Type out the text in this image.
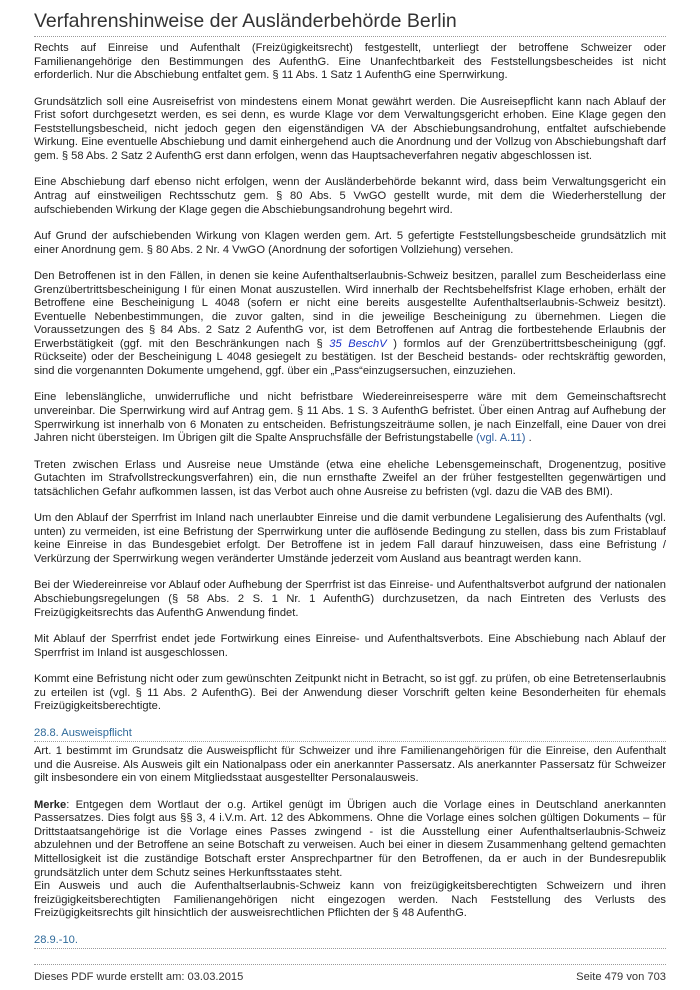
Verfahrenshinweise der Ausländerbehörde Berlin

Rechts auf Einreise und Aufenthalt (Freizügigkeitsrecht) festgestellt, unterliegt der betroffene Schweizer oder Familienangehörige den Bestimmungen des AufenthG. Eine Unanfechtbarkeit des Feststellungsbescheides ist nicht erforderlich. Nur die Abschiebung entfaltet gem. § 11 Abs. 1 Satz 1 AufenthG eine Sperrwirkung.

Grundsätzlich soll eine Ausreisefrist von mindestens einem Monat gewährt werden. Die Ausreisepflicht kann nach Ablauf der Frist sofort durchgesetzt werden, es sei denn, es wurde Klage vor dem Verwaltungsgericht erhoben. Eine Klage gegen den Feststellungsbescheid, nicht jedoch gegen den eigenständigen VA der Abschiebungsandrohung, entfaltet aufschiebende Wirkung. Eine eventuelle Abschiebung und damit einhergehend auch die Anordnung und der Vollzug von Abschiebungshaft darf gem. § 58 Abs. 2 Satz 2 AufenthG erst dann erfolgen, wenn das Hauptsacheverfahren negativ abgeschlossen ist.

Eine Abschiebung darf ebenso nicht erfolgen, wenn der Ausländerbehörde bekannt wird, dass beim Verwaltungsgericht ein Antrag auf einstweiligen Rechtsschutz gem. § 80 Abs. 5 VwGO gestellt wurde, mit dem die Wiederherstellung der aufschiebenden Wirkung der Klage gegen die Abschiebungsandrohung begehrt wird.

Auf Grund der aufschiebenden Wirkung von Klagen werden gem. Art. 5 gefertigte Feststellungsbescheide grundsätzlich mit einer Anordnung gem. § 80 Abs. 2 Nr. 4 VwGO (Anordnung der sofortigen Vollziehung) versehen.

Den Betroffenen ist in den Fällen, in denen sie keine Aufenthaltserlaubnis-Schweiz besitzen, parallel zum Bescheiderlass eine Grenzübertrittsbescheinigung I für einen Monat auszustellen. Wird innerhalb der Rechtsbehelfsfrist Klage erhoben, erhält der Betroffene eine Bescheinigung L 4048 (sofern er nicht eine bereits ausgestellte Aufenthaltserlaubnis-Schweiz besitzt). Eventuelle Nebenbestimmungen, die zuvor galten, sind in die jeweilige Bescheinigung zu übernehmen. Liegen die Voraussetzungen des § 84 Abs. 2 Satz 2 AufenthG vor, ist dem Betroffenen auf Antrag die fortbestehende Erlaubnis der Erwerbstätigkeit (ggf. mit den Beschränkungen nach § 35 BeschV ) formlos auf der Grenzübertrittsbescheinigung (ggf. Rückseite) oder der Bescheinigung L 4048 gesiegelt zu bestätigen. Ist der Bescheid bestands- oder rechtskräftig geworden, sind die vorgenannten Dokumente umgehend, ggf. über ein „Pass“einzugsersuchen, einzuziehen.

Eine lebenslängliche, unwiderrufliche und nicht befristbare Wiedereinreisesperre wäre mit dem Gemeinschaftsrecht unvereinbar. Die Sperrwirkung wird auf Antrag gem. § 11 Abs. 1 S. 3 AufenthG befristet. Über einen Antrag auf Aufhebung der Sperrwirkung ist innerhalb von 6 Monaten zu entscheiden. Befristungszeiträume sollen, je nach Einzelfall, eine Dauer von drei Jahren nicht übersteigen. Im Übrigen gilt die Spalte Anspruchsfälle der Befristungstabelle (vgl. A.11) .

Treten zwischen Erlass und Ausreise neue Umstände (etwa eine eheliche Lebensgemeinschaft, Drogenentzug, positive Gutachten im Strafvollstreckungsverfahren) ein, die nun ernsthafte Zweifel an der früher festgestellten gegenwärtigen und tatsächlichen Gefahr aufkommen lassen, ist das Verbot auch ohne Ausreise zu befristen (vgl. dazu die VAB des BMI).

Um den Ablauf der Sperrfrist im Inland nach unerlaubter Einreise und die damit verbundene Legalisierung des Aufenthalts (vgl. unten) zu vermeiden, ist eine Befristung der Sperrwirkung unter die auflösende Bedingung zu stellen, dass bis zum Fristablauf keine Einreise in das Bundesgebiet erfolgt. Der Betroffene ist in jedem Fall darauf hinzuweisen, dass eine Befristung / Verkürzung der Sperrwirkung wegen veränderter Umstände jederzeit vom Ausland aus beantragt werden kann.

Bei der Wiedereinreise vor Ablauf oder Aufhebung der Sperrfrist ist das Einreise- und Aufenthaltsverbot aufgrund der nationalen Abschiebungsregelungen (§ 58 Abs. 2 S. 1 Nr. 1 AufenthG) durchzusetzen, da nach Eintreten des Verlusts des Freizügigkeitsrechts das AufenthG Anwendung findet.

Mit Ablauf der Sperrfrist endet jede Fortwirkung eines Einreise- und Aufenthaltsverbots. Eine Abschiebung nach Ablauf der Sperrfrist im Inland ist ausgeschlossen.

Kommt eine Befristung nicht oder zum gewünschten Zeitpunkt nicht in Betracht, so ist ggf. zu prüfen, ob eine Betretenserlaubnis zu erteilen ist (vgl. § 11 Abs. 2 AufenthG). Bei der Anwendung dieser Vorschrift gelten keine Besonderheiten für ehemals Freizügigkeitsberechtigte.

28.8. Ausweispflicht

Art. 1 bestimmt im Grundsatz die Ausweispflicht für Schweizer und ihre Familienangehörigen für die Einreise, den Aufenthalt und die Ausreise. Als Ausweis gilt ein Nationalpass oder ein anerkannter Passersatz. Als anerkannter Passersatz für Schweizer gilt insbesondere ein von einem Mitgliedsstaat ausgestellter Personalausweis.

Merke: Entgegen dem Wortlaut der o.g. Artikel genügt im Übrigen auch die Vorlage eines in Deutschland anerkannten Passersatzes. Dies folgt aus §§ 3, 4 i.V.m. Art. 12 des Abkommens. Ohne die Vorlage eines solchen gültigen Dokuments – für Drittstaatsangehörige ist die Vorlage eines Passes zwingend - ist die Ausstellung einer Aufenthaltserlaubnis-Schweiz abzulehnen und der Betroffene an seine Botschaft zu verweisen. Auch bei einer in diesem Zusammenhang geltend gemachten Mittellosigkeit ist die zuständige Botschaft erster Ansprechpartner für den Betroffenen, da er auch in der Bundesrepublik grundsätzlich unter dem Schutz seines Herkunftsstaates steht.

Ein Ausweis und auch die Aufenthaltserlaubnis-Schweiz kann von freizügigkeitsberechtigten Schweizern und ihren freizügigkeitsberechtigten Familienangehörigen nicht eingezogen werden. Nach Feststellung des Verlusts des Freizügigkeitsrechts gilt hinsichtlich der ausweisrechtlichen Pflichten der § 48 AufenthG.

28.9.-10.
Dieses PDF wurde erstellt am: 03.03.2015	Seite 479 von 703
